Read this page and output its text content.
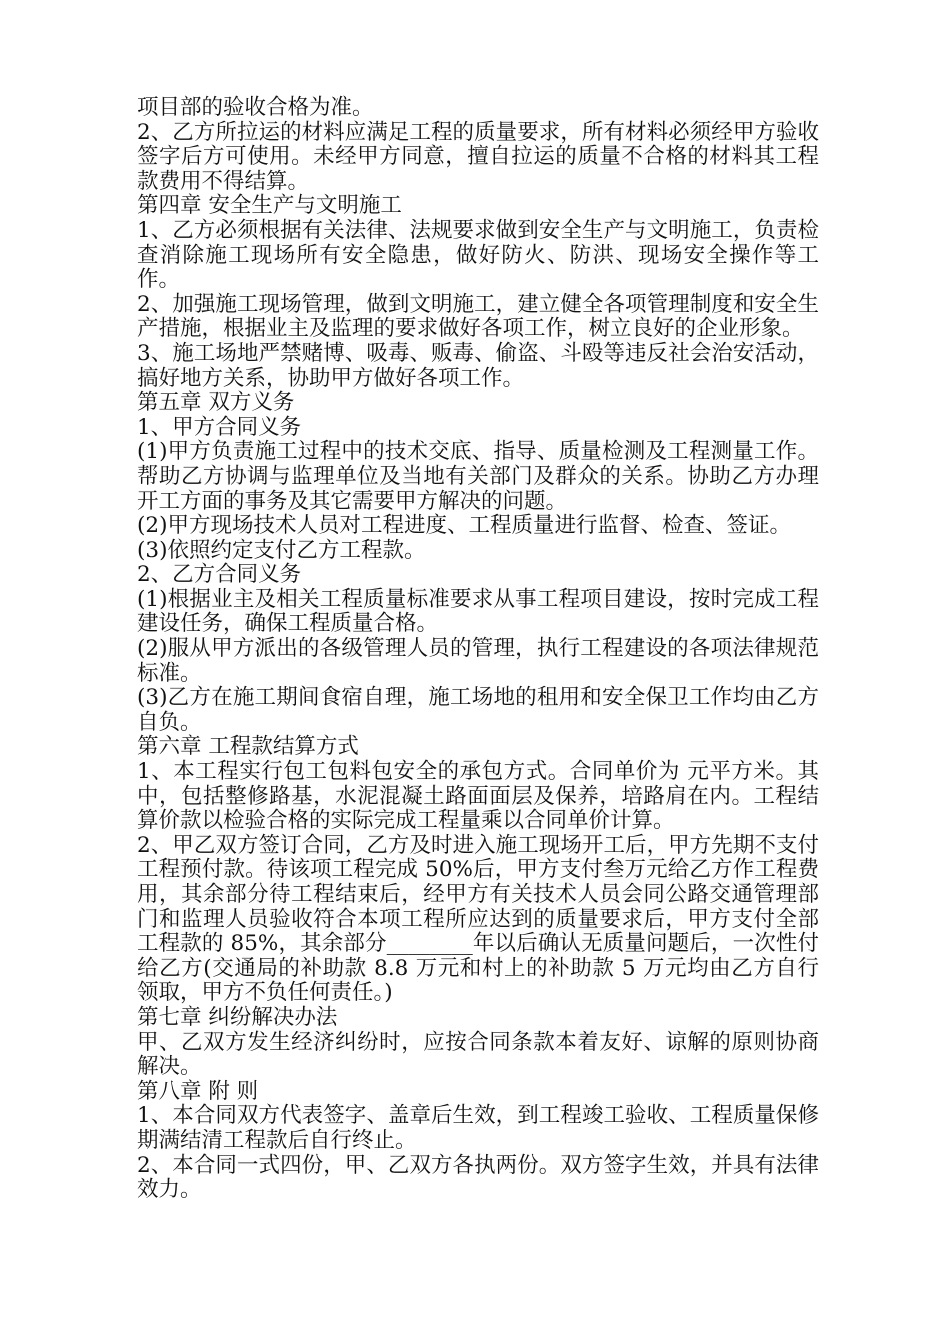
项目部的验收合格为准。

2、乙方所拉运的材料应满足工程的质量要求，所有材料必须经甲方验收签字后方可使用。未经甲方同意，擅自拉运的质量不合格的材料其工程款费用不得结算。

第四章 安全生产与文明施工

1、乙方必须根据有关法律、法规要求做到安全生产与文明施工，负责检查消除施工现场所有安全隐患，做好防火、防洪、现场安全操作等工作。

2、加强施工现场管理，做到文明施工，建立健全各项管理制度和安全生产措施，根据业主及监理的要求做好各项工作，树立良好的企业形象。

3、施工场地严禁赌博、吸毒、贩毒、偷盗、斗殴等违反社会治安活动，搞好地方关系，协助甲方做好各项工作。

第五章 双方义务

1、甲方合同义务

(1)甲方负责施工过程中的技术交底、指导、质量检测及工程测量工作。帮助乙方协调与监理单位及当地有关部门及群众的关系。协助乙方办理开工方面的事务及其它需要甲方解决的问题。

(2)甲方现场技术人员对工程进度、工程质量进行监督、检查、签证。

(3)依照约定支付乙方工程款。

2、乙方合同义务

(1)根据业主及相关工程质量标准要求从事工程项目建设，按时完成工程建设任务，确保工程质量合格。

(2)服从甲方派出的各级管理人员的管理，执行工程建设的各项法律规范标准。

(3)乙方在施工期间食宿自理，施工场地的租用和安全保卫工作均由乙方自负。

第六章 工程款结算方式

1、本工程实行包工包料包安全的承包方式。合同单价为 元平方米。其中，包括整修路基，水泥混凝土路面面层及保养，培路肩在内。工程结算价款以检验合格的实际完成工程量乘以合同单价计算。

2、甲乙双方签订合同，乙方及时进入施工现场开工后，甲方先期不支付工程预付款。待该项工程完成 50%后，甲方支付叁万元给乙方作工程费用，其余部分待工程结束后，经甲方有关技术人员会同公路交通管理部门和监理人员验收符合本项工程所应达到的质量要求后，甲方支付全部工程款的 85%，其余部分________年以后确认无质量问题后，一次性付给乙方(交通局的补助款 8.8 万元和村上的补助款 5 万元均由乙方自行领取，甲方不负任何责任。)

第七章 纠纷解决办法

甲、乙双方发生经济纠纷时，应按合同条款本着友好、谅解的原则协商解决。

第八章 附 则

1、本合同双方代表签字、盖章后生效，到工程竣工验收、工程质量保修期满结清工程款后自行终止。

2、本合同一式四份，甲、乙双方各执两份。双方签字生效，并具有法律效力。
